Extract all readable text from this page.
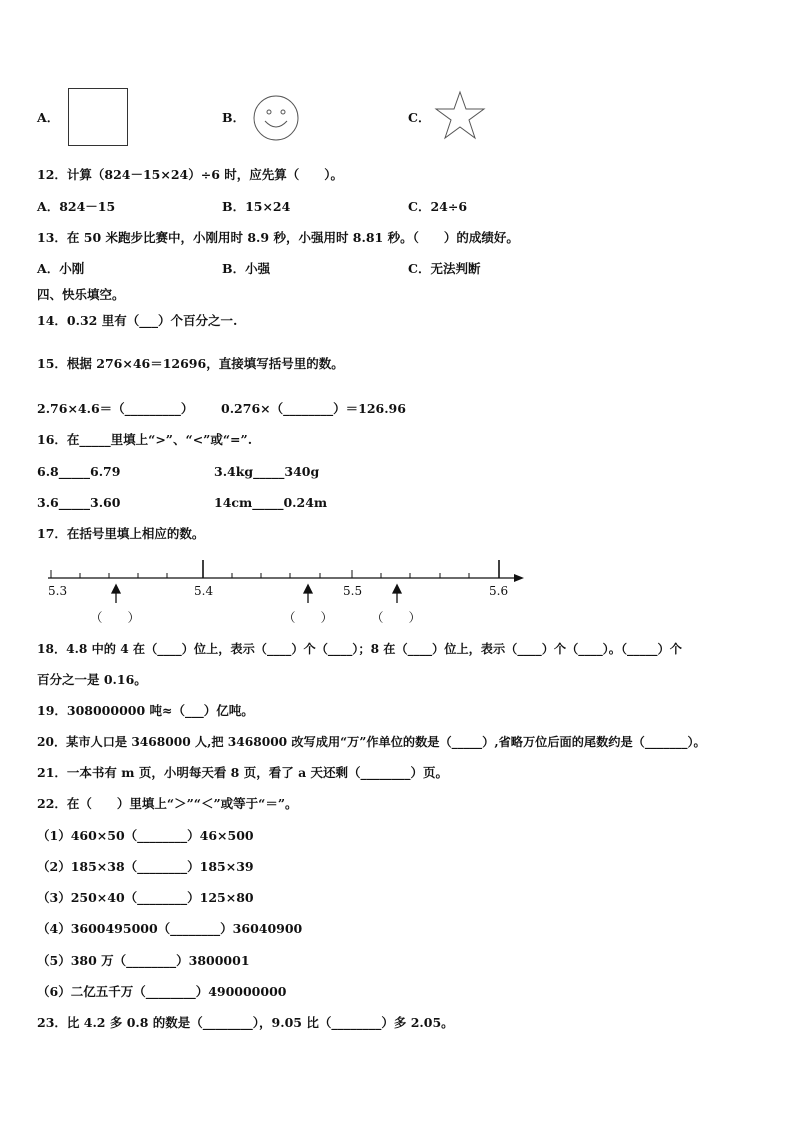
A．	B．	C．
12．计算（824－15×24）÷6 时，应先算（　　）。
A．824－15	B．15×24	C．24÷6
13．在 50 米跑步比赛中，小刚用时 8.9 秒，小强用时 8.81 秒。（　　）的成绩好。
A．小刚	B．小强	C．无法判断
四、快乐填空。
14．0.32 里有（___）个百分之一.
15．根据 276×46＝12696，直接填写括号里的数。
2.76×4.6＝（_________） 0.276×（________）＝126.96
16．在_____里填上“>”、“<”或“=”.
6.8_____6.79	3.4kg_____340g
3.6_____3.60	14cm_____0.24m
17．在括号里填上相应的数。
5.3	5.4	5.5	5.6
（　　）	（　　）	（　　）
18．4.8 中的 4 在（____）位上，表示（____）个（____）；8 在（____）位上，表示（____）个（____）。（_____）个
百分之一是 0.16。
19．308000000 吨≈（___）亿吨。
20．某市人口是 3468000 人,把 3468000 改写成用“万”作单位的数是（_____）,省略万位后面的尾数约是（_______）。
21．一本书有 m 页，小明每天看 8 页，看了 a 天还剩（________）页。
22．在（　　）里填上“＞”“＜”或等于“＝”。
（1）460×50（________）46×500
（2）185×38（________）185×39
（3）250×40（________）125×80
（4）3600495000（________）36040900
（5）380 万（________）3800001
（6）二亿五千万（________）490000000
23．比 4.2 多 0.8 的数是（________），9.05 比（________）多 2.05。
